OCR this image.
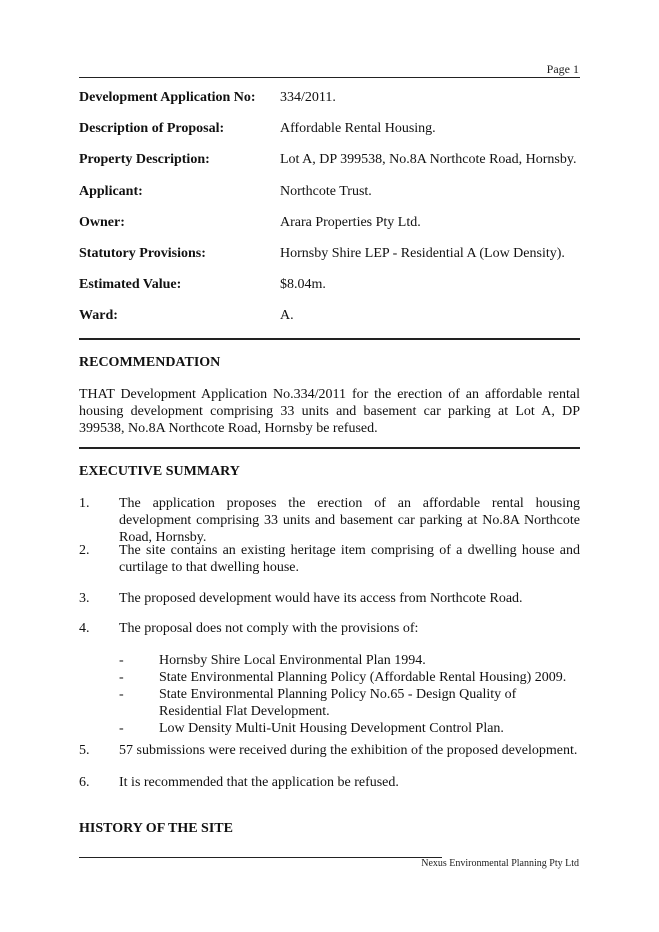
Page 1
Development Application No: 334/2011.
Description of Proposal:	Affordable Rental Housing.
Property Description:	Lot A, DP 399538, No.8A Northcote Road, Hornsby.
Applicant:	Northcote Trust.
Owner:	Arara Properties Pty Ltd.
Statutory Provisions:	Hornsby Shire LEP - Residential A (Low Density).
Estimated Value:	$8.04m.
Ward:	A.
RECOMMENDATION
THAT Development Application No.334/2011 for the erection of an affordable rental housing development comprising 33 units and basement car parking at Lot A, DP 399538, No.8A Northcote Road, Hornsby be refused.
EXECUTIVE SUMMARY
1. The application proposes the erection of an affordable rental housing development comprising 33 units and basement car parking at No.8A Northcote Road, Hornsby.
2. The site contains an existing heritage item comprising of a dwelling house and curtilage to that dwelling house.
3. The proposed development would have its access from Northcote Road.
4. The proposal does not comply with the provisions of:
-	Hornsby Shire Local Environmental Plan 1994.
-	State Environmental Planning Policy (Affordable Rental Housing) 2009.
-	State Environmental Planning Policy No.65 - Design Quality of Residential Flat Development.
-	Low Density Multi-Unit Housing Development Control Plan.
5. 57 submissions were received during the exhibition of the proposed development.
6. It is recommended that the application be refused.
HISTORY OF THE SITE
Nexus Environmental Planning Pty Ltd
